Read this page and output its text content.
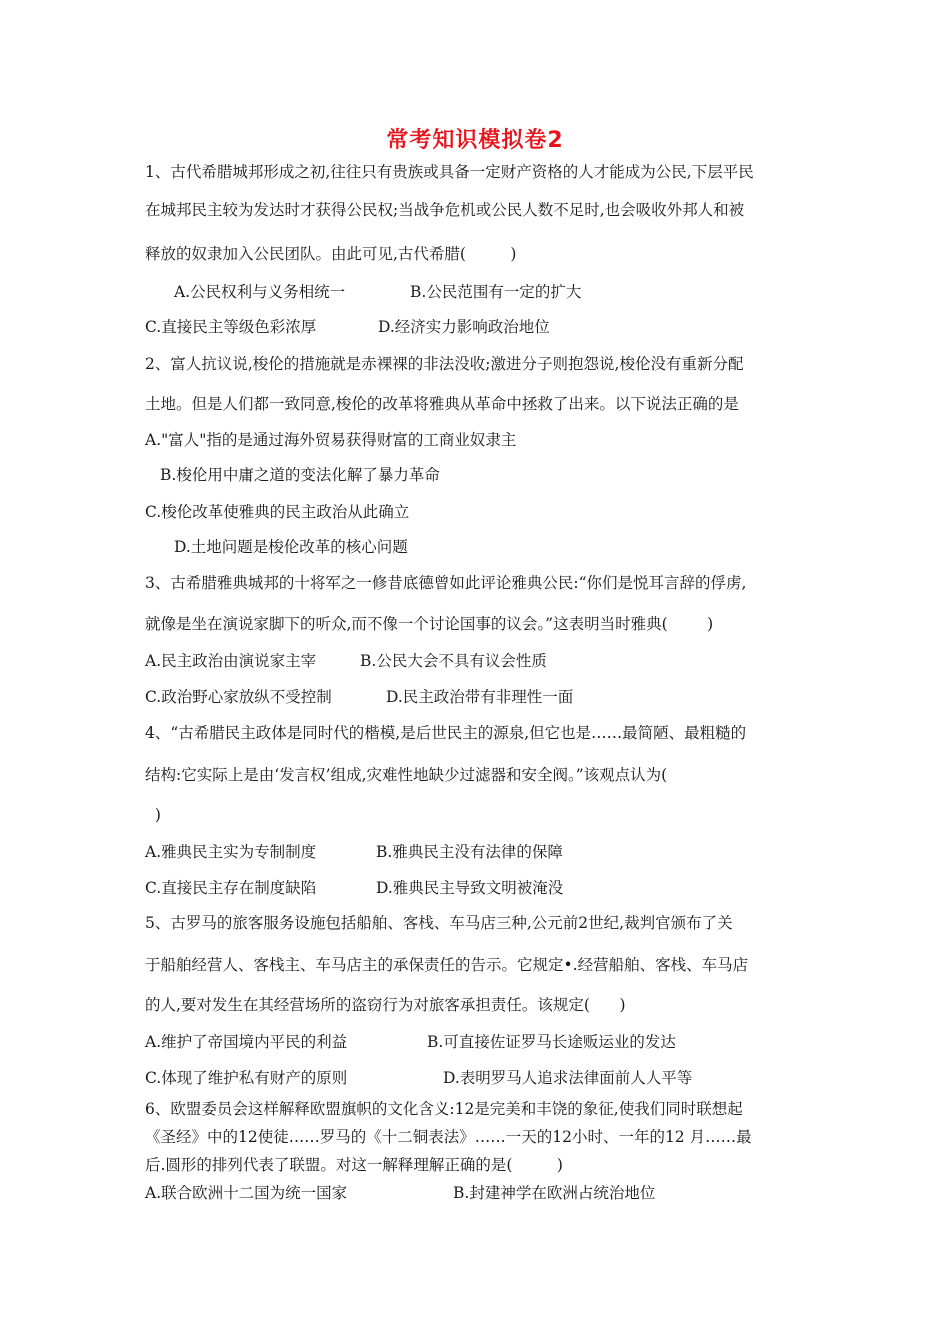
常考知识模拟卷2
1、古代希腊城邦形成之初,往往只有贵族或具备一定财产资格的人才能成为公民,下层平民
在城邦民主较为发达时才获得公民权;当战争危机或公民人数不足时,也会吸收外邦人和被
释放的奴隶加入公民团队。由此可见,古代希腊(         )
A.公民权利与义务相统一	B.公民范围有一定的扩大
C.直接民主等级色彩浓厚	D.经济实力影响政治地位
2、富人抗议说,梭伦的措施就是赤裸裸的非法没收;激进分子则抱怨说,梭伦没有重新分配
土地。但是人们都一致同意,梭伦的改革将雅典从革命中拯救了出来。以下说法正确的是
A."富人"指的是通过海外贸易获得财富的工商业奴隶主
B.梭伦用中庸之道的变法化解了暴力革命
C.梭伦改革使雅典的民主政治从此确立
D.土地问题是梭伦改革的核心问题
3、古希腊雅典城邦的十将军之一修昔底德曾如此评论雅典公民:“你们是悦耳言辞的俘虏,
就像是坐在演说家脚下的听众,而不像一个讨论国事的议会。”这表明当时雅典(        )
A.民主政治由演说家主宰	B.公民大会不具有议会性质
C.政治野心家放纵不受控制	D.民主政治带有非理性一面
4、“古希腊民主政体是同时代的楷模,是后世民主的源泉,但它也是……最简陋、最粗糙的
结构:它实际上是由‘发言权’组成,灾难性地缺少过滤器和安全阀。”该观点认为(
)
A.雅典民主实为专制制度	B.雅典民主没有法律的保障
C.直接民主存在制度缺陷	D.雅典民主导致文明被淹没
5、古罗马的旅客服务设施包括船舶、客栈、车马店三种,公元前2世纪,裁判官颁布了关
于船舶经营人、客栈主、车马店主的承保责任的告示。它规定•.经营船舶、客栈、车马店
的人,要对发生在其经营场所的盗窃行为对旅客承担责任。该规定(      )
A.维护了帝国境内平民的利益	B.可直接佐证罗马长途贩运业的发达
C.体现了维护私有财产的原则	D.表明罗马人追求法律面前人人平等
6、欧盟委员会这样解释欧盟旗帜的文化含义:12是完美和丰饶的象征,使我们同时联想起
《圣经》中的12使徒……罗马的《十二铜表法》……一天的12小时、一年的12 月……最
后.圆形的排列代表了联盟。对这一解释理解正确的是(         )
A.联合欧洲十二国为统一国家	B.封建神学在欧洲占统治地位
